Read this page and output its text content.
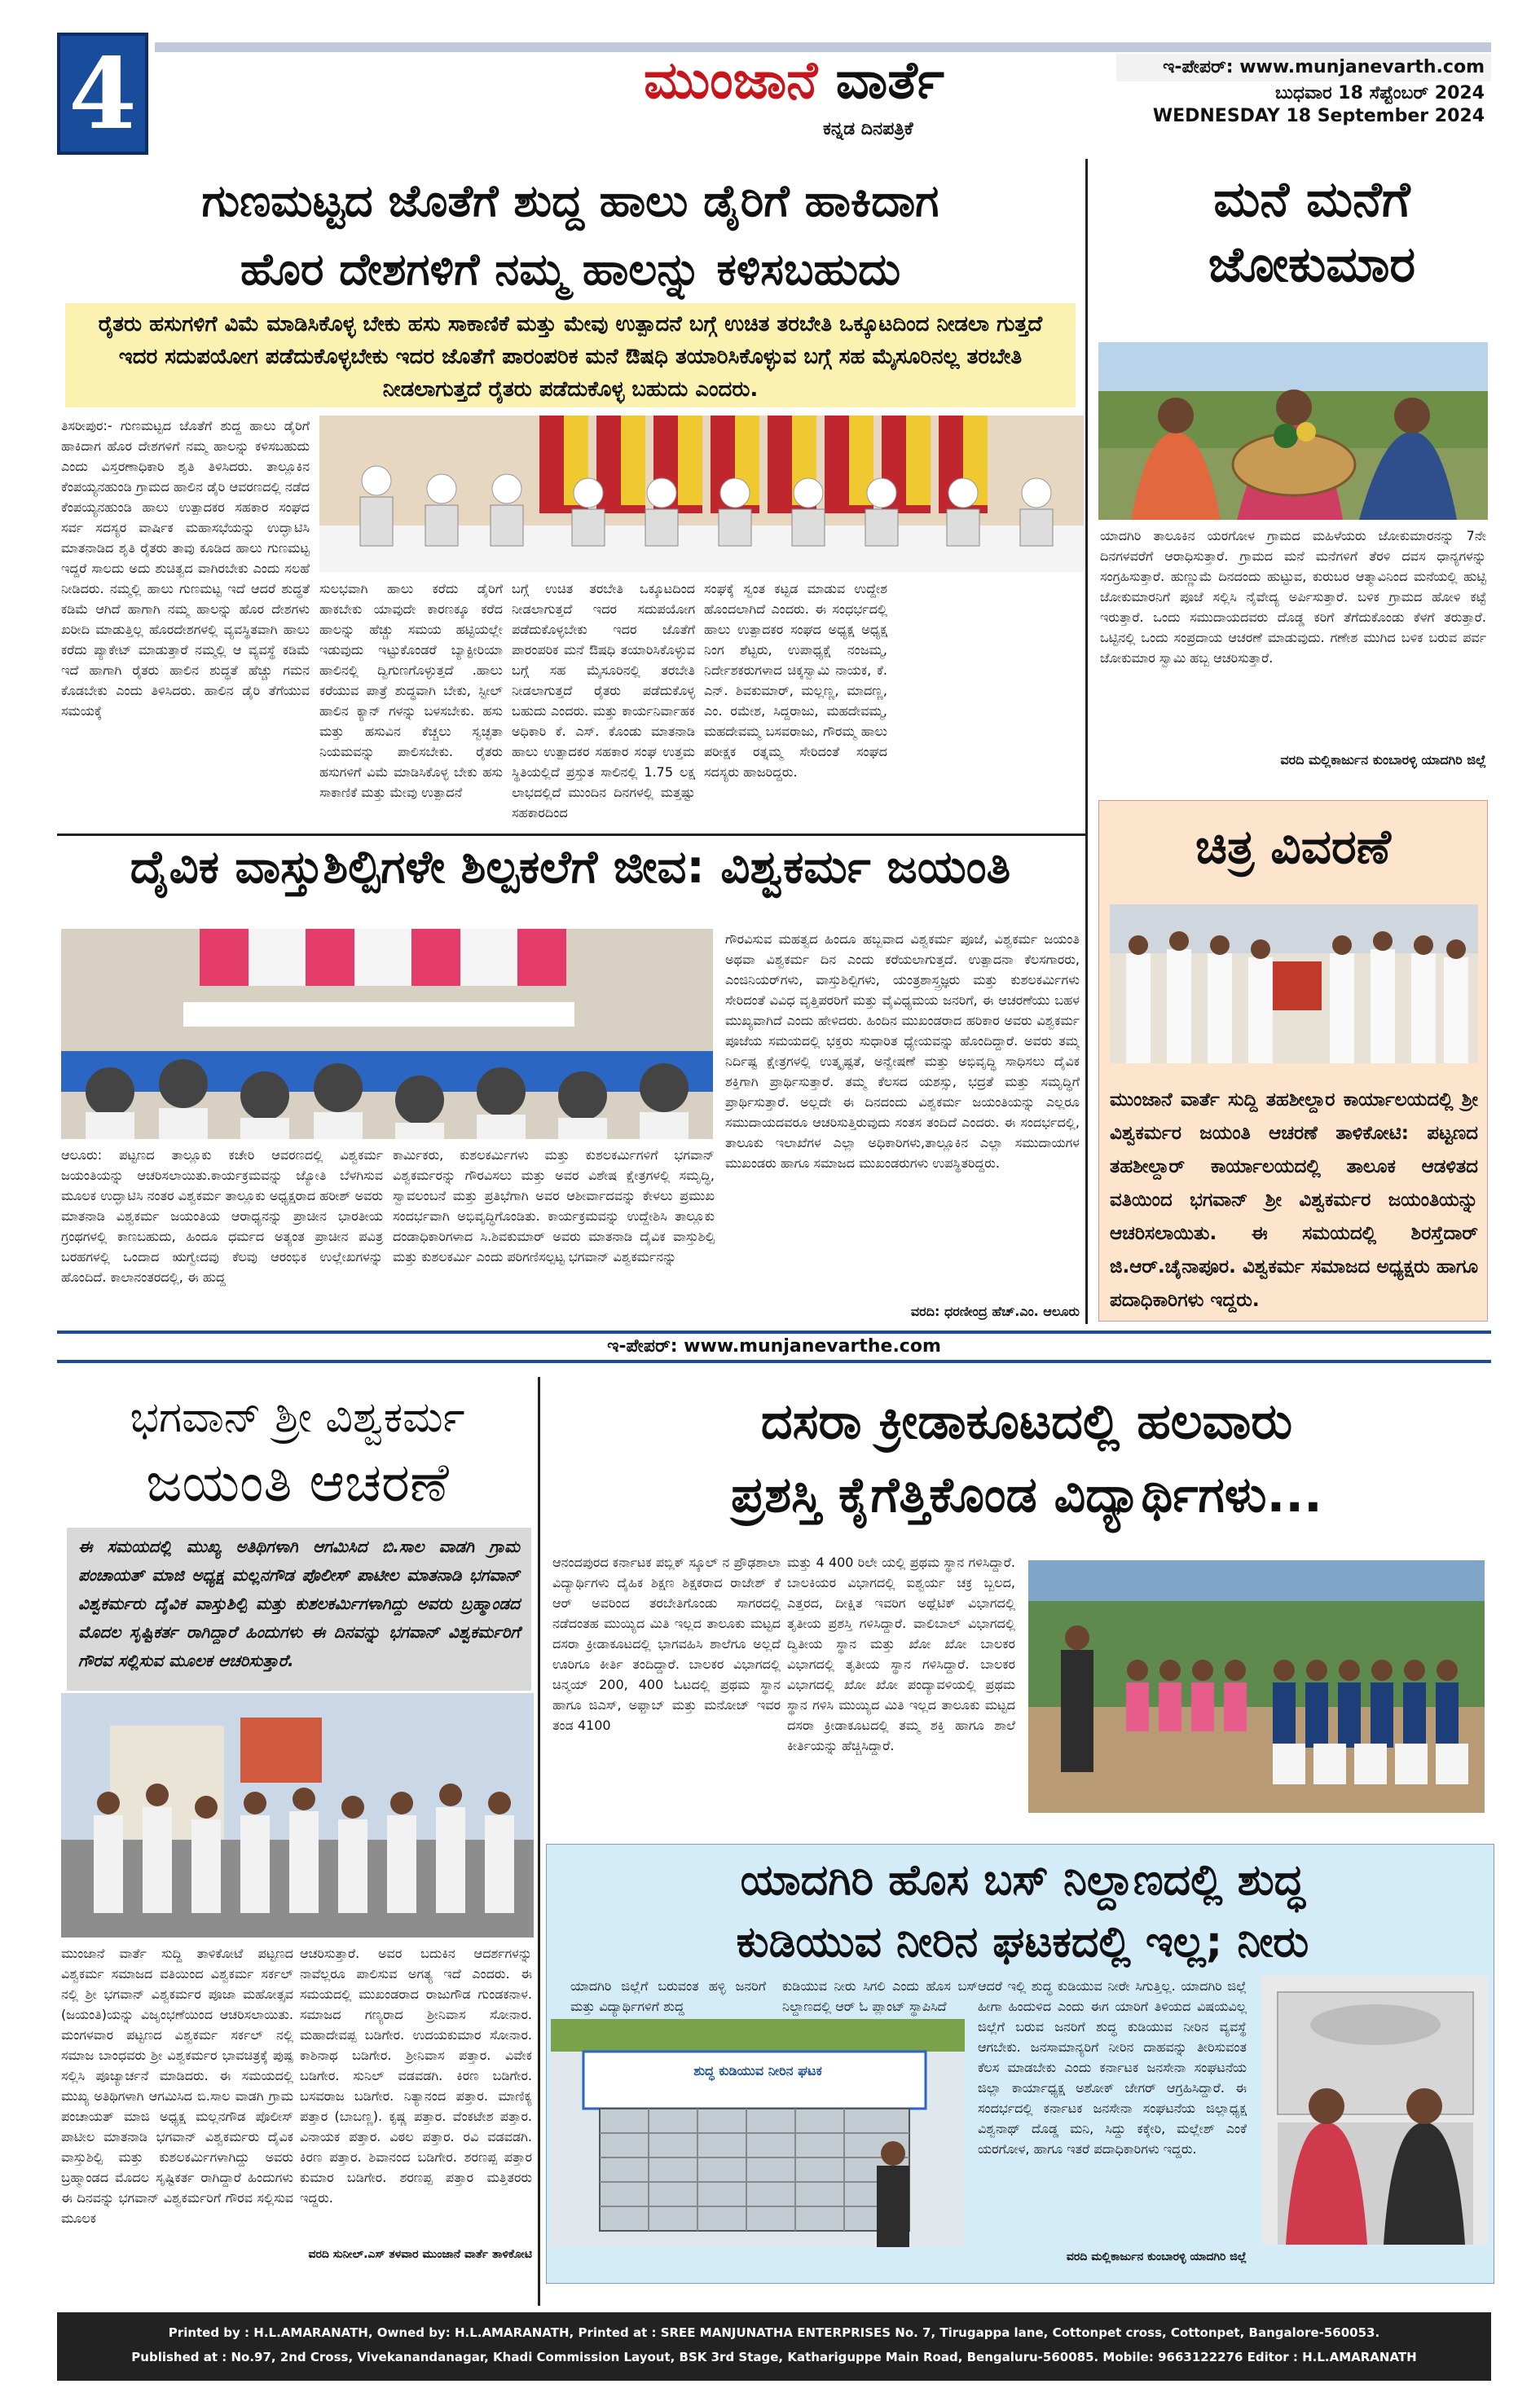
4	ಮುಂಜಾನೆ ವಾರ್ತೆ
ಕನ್ನಡ ದಿನಪತ್ರಿಕೆ
ಇ-ಪೇಪರ್: www.munjanevarth.com
ಬುಧವಾರ 18 ಸೆಪ್ಟೆಂಬರ್ 2024
WEDNESDAY 18 September 2024
ಗುಣಮಟ್ಟದ ಜೊತೆಗೆ ಶುದ್ದ ಹಾಲು ಡೈರಿಗೆ ಹಾಕಿದಾಗ
ಹೊರ ದೇಶಗಳಿಗೆ ನಮ್ಮ ಹಾಲನ್ನು ಕಳಿಸಬಹುದು
ರೈತರು ಹಸುಗಳಿಗೆ ವಿಮೆ ಮಾಡಿಸಿಕೊಳ್ಳ ಬೇಕು ಹಸು ಸಾಕಾಣಿಕೆ ಮತ್ತು ಮೇವು ಉತ್ಪಾದನೆ ಬಗ್ಗೆ ಉಚಿತ ತರಬೇತಿ ಒಕ್ಕೂಟದಿಂದ ನೀಡಲಾ ಗುತ್ತದೆ ಇದರ ಸದುಪಯೋಗ ಪಡೆದುಕೊಳ್ಳಬೇಕು ಇದರ ಜೊತೆಗೆ ಪಾರಂಪರಿಕ ಮನೆ ಔಷಧಿ ತಯಾರಿಸಿಕೊಳ್ಳುವ ಬಗ್ಗೆ ಸಹ ಮೈಸೂರಿನಲ್ಲ ತರಬೇತಿ ನೀಡಲಾಗುತ್ತದೆ ರೈತರು ಪಡೆದುಕೊಳ್ಳ ಬಹುದು ಎಂದರು.
ತಿಸರೀಪುರ:- ಗುಣಮಟ್ಟದ ಜೊತೆಗೆ ಶುದ್ದ ಹಾಲು ಡೈರಿಗೆ ಹಾಕಿದಾಗ ಹೊರ ದೇಶಗಳಿಗೆ ನಮ್ಮ ಹಾಲನ್ನು ಕಳಿಸಬಹುದು ಎಂದು ವಿಸ್ತರಣಾಧಿಕಾರಿ ಶೃತಿ ತಿಳಿಸಿದರು. ತಾಲ್ಲೂಕಿನ ಕೆಂಪಯ್ಯನಹುಂಡಿ ಗ್ರಾಮದ ಹಾಲಿನ ಡೈರಿ ಆವರಣದಲ್ಲಿ ನಡೆದ ಕೆಂಪಯ್ಯನಹುಂಡಿ ಹಾಲು ಉತ್ಪಾದಕರ ಸಹಕಾರ ಸಂಘದ ಸರ್ವ ಸದಸ್ಯರ ವಾರ್ಷಿಕ ಮಹಾಸಭೆಯನ್ನು ಉದ್ಘಾಟಿಸಿ ಮಾತನಾಡಿದ ಶೃತಿ ರೈತರು ತಾವು ಕೂಡಿದ ಹಾಲು ಗುಣಮಟ್ಟ ಇದ್ದರೆ ಸಾಲದು ಅದು ಶುಚಿತ್ವದ ವಾಗಿರಬೇಕು ಎಂದು ಸಲಹೆ ನೀಡಿದರು. ನಮ್ಮಲ್ಲಿ ಹಾಲು ಗುಣಮಟ್ಟ ಇದೆ ಆದರೆ ಶುದ್ಧತೆ ಕಡಿಮೆ ಆಗಿದೆ ಹಾಗಾಗಿ ನಮ್ಮ ಹಾಲನ್ನು ಹೊರ ದೇಶಗಳು ಖರೀದಿ ಮಾಡುತ್ತಿಲ್ಲ ಹೊರದೇಶಗಳಲ್ಲಿ ವ್ಯವಸ್ಥಿತವಾಗಿ ಹಾಲು ಕರೆದು ಪ್ಯಾಕೇಟ್ ಮಾಡುತ್ತಾರೆ ನಮ್ಮಲ್ಲಿ ಆ ವ್ಯವಸ್ಥೆ ಕಡಿಮೆ ಇದೆ ಹಾಗಾಗಿ ರೈತರು ಹಾಲಿನ ಶುದ್ಧತೆ ಹೆಚ್ಚು ಗಮನ ಕೊಡಬೇಕು ಎಂದು ತಿಳಿಸಿದರು. ಹಾಲಿನ ಡೈರಿ ತೆಗೆಯುವ ಸಮಯಕ್ಕೆ
ಸುಲಭವಾಗಿ ಹಾಲು ಕರೆದು ಡೈರಿಗೆ ಹಾಕಬೇಕು ಯಾವುದೇ ಕಾರಣಕ್ಕೂ ಕರೆದ ಹಾಲನ್ನು ಹೆಚ್ಚು ಸಮಯ ಹಟ್ಟಿಯಲ್ಲೇ ಇಡುವುದು ಇಟ್ಟುಕೊಂಡರೆ ಬ್ಯಾಕ್ಟೀರಿಯಾ ಹಾಲಿನಲ್ಲಿ ದ್ವಿಗುಣಗೊಳ್ಳುತ್ತದೆ .ಹಾಲು ಕರೆಯುವ ಪಾತ್ರೆ ಶುದ್ಧವಾಗಿ ಬೇಕು, ಸ್ಟೀಲ್ ಹಾಲಿನ ಕ್ಯಾನ್ ಗಳನ್ನು ಬಳಸಬೇಕು. ಹಸು ಮತ್ತು ಹಸುವಿನ ಕೆಚ್ಚಲು ಸ್ವಚ್ಛತಾ ನಿಯಮವನ್ನು ಪಾಲಿಸಬೇಕು. ರೈತರು ಹಸುಗಳಿಗೆ ವಿಮೆ ಮಾಡಿಸಿಕೊಳ್ಳ ಬೇಕು ಹಸು ಸಾಕಾಣಿಕೆ ಮತ್ತು ಮೇವು ಉತ್ಪಾದನೆ
ಬಗ್ಗೆ ಉಚಿತ ತರಬೇತಿ ಒಕ್ಕೂಟದಿಂದ ನೀಡಲಾಗುತ್ತದೆ ಇದರ ಸದುಪಯೋಗ ಪಡೆದುಕೊಳ್ಳಬೇಕು ಇದರ ಜೊತೆಗೆ ಪಾರಂಪರಿಕ ಮನೆ ಔಷಧಿ ತಯಾರಿಸಿಕೊಳ್ಳುವ ಬಗ್ಗೆ ಸಹ ಮೈಸೂರಿನಲ್ಲಿ ತರಬೇತಿ ನೀಡಲಾಗುತ್ತದೆ ರೈತರು ಪಡೆದುಕೊಳ್ಳ ಬಹುದು ಎಂದರು. ಮತ್ತು ಕಾರ್ಯನಿರ್ವಾಹಕ ಅಧಿಕಾರಿ ಕೆ. ಎಸ್. ಕೊಂಡು ಮಾತನಾಡಿ ಹಾಲು ಉತ್ಪಾದಕರ ಸಹಕಾರ ಸಂಘ ಉತ್ತಮ ಸ್ಥಿತಿಯಲ್ಲಿದೆ ಪ್ರಸ್ತುತ ಸಾಲಿನಲ್ಲಿ 1.75 ಲಕ್ಷ ಲಾಭದಲ್ಲಿದೆ ಮುಂದಿನ ದಿನಗಳಲ್ಲಿ ಮತ್ತಷ್ಟು ಸಹಕಾರದಿಂದ
ಸಂಘಕ್ಕೆ ಸ್ವಂತ ಕಟ್ಟಡ ಮಾಡುವ ಉದ್ದೇಶ ಹೊಂದಲಾಗಿದೆ ಎಂದರು. ಈ ಸಂಧರ್ಭದಲ್ಲಿ ಹಾಲು ಉತ್ಪಾದಕರ ಸಂಘದ ಅಧ್ಯಕ್ಷ ಅಧ್ಯಕ್ಷ ನಿಂಗ ಶೆಟ್ಟರು, ಉಪಾಧ್ಯಕ್ಷೆ ನಂಜಮ್ಮ, ನಿರ್ದೇಶಕರುಗಳಾದ ಚಿಕ್ಕಸ್ವಾಮಿ ನಾಯಕ, ಕೆ. ಎನ್. ಶಿವಕುಮಾರ್, ಮಲ್ಲಣ್ಣ, ಮಾದಣ್ಣ, ಎಂ. ರಮೇಶ, ಸಿದ್ದರಾಜು, ಮಹದೇವಮ್ಮ, ಮಹದೇವಮ್ಮ ಬಸವರಾಜು, ಗೌರಮ್ಮ ಹಾಲು ಪರೀಕ್ಷಕ ರತ್ನಮ್ಮ ಸೇರಿದಂತೆ ಸಂಘದ ಸದಸ್ಯರು ಹಾಜರಿದ್ದರು.
ಮನೆ ಮನೆಗೆ ಜೋಕುಮಾರ
ಯಾದಗಿರಿ ತಾಲೂಕಿನ ಯರಗೋಳ ಗ್ರಾಮದ ಮಹಿಳೆಯರು ಜೋಕುಮಾರನನ್ನು 7ನೇ ದಿನಗಳವರೆಗೆ ಆರಾಧಿಸುತ್ತಾರೆ. ಗ್ರಾಮದ ಮನೆ ಮನೆಗಳಿಗೆ ತೆರಳಿ ದವಸ ಧಾನ್ಯಗಳನ್ನು ಸಂಗ್ರಹಿಸುತ್ತಾರೆ. ಹುಣ್ಣುಮೆ ದಿನದಂದು ಹುಟ್ಟುವ, ಕುರುಬರ ಆತ್ಮಾವಿನಿಂದ ಮನೆಯಲ್ಲಿ ಹುಟ್ಟಿ ಜೋಕುಮಾರನಿಗೆ ಪೂಜೆ ಸಲ್ಲಿಸಿ ನೈವೇದ್ಯ ಅರ್ಪಿಸುತ್ತಾರೆ. ಬಳಿಕ ಗ್ರಾಮದ ಹೋಳಿ ಕಟ್ಟೆ ಇರುತ್ತಾರೆ. ಒಂದು ಸಮುದಾಯದವರು ದೊಡ್ಡ ಕರಿಗೆ ತೆಗೆದುಕೊಂಡು ಕೆಳಗೆ ತರುತ್ತಾರೆ. ಒಟ್ಟಿನಲ್ಲಿ ಒಂದು ಸಂಪ್ರದಾಯ ಆಚರಣೆ ಮಾಡುವುದು. ಗಣೇಶ ಮುಗಿದ ಬಳಿಕ ಬರುವ ಪರ್ವ ಜೋಕುಮಾರ ಸ್ವಾಮಿ ಹಬ್ಬ ಆಚರಿಸುತ್ತಾರೆ.
ವರದಿ ಮಲ್ಲಿಕಾರ್ಜುನ ಕುಂಬಾರಳ್ಳಿ ಯಾದಗಿರಿ ಜಿಲ್ಲೆ
ದೈವಿಕ ವಾಸ್ತುಶಿಲ್ಪಿಗಳೇ ಶಿಲ್ಪಕಲೆಗೆ ಜೀವ: ವಿಶ್ವಕರ್ಮ ಜಯಂತಿ
ಆಲೂರು: ಪಟ್ಟಣದ ತಾಲ್ಲೂಕು ಕಚೇರಿ ಆವರಣದಲ್ಲಿ ವಿಶ್ವಕರ್ಮ ಜಯಂತಿಯನ್ನು ಆಚರಿಸಲಾಯಿತು.ಕಾರ್ಯಕ್ರಮವನ್ನು ಜ್ಯೋತಿ ಬೆಳಗಿಸುವ ಮೂಲಕ ಉದ್ಘಾಟಿಸಿ ನಂತರ ವಿಶ್ವಕರ್ಮ ತಾಲ್ಲೂಕು ಅಧ್ಯಕ್ಷರಾದ ಹರೀಶ್ ಅವರು ಮಾತನಾಡಿ ವಿಶ್ವಕರ್ಮ ಜಯಂತಿಯ ಆರಾಧ್ಯನನ್ನು ಪ್ರಾಚೀನ ಭಾರತೀಯ ಗ್ರಂಥಗಳಲ್ಲಿ ಕಾಣಬಹುದು, ಹಿಂದೂ ಧರ್ಮದ ಅತ್ಯಂತ ಪ್ರಾಚೀನ ಪವಿತ್ರ ಬರಹಗಳಲ್ಲಿ ಒಂದಾದ ಋಗ್ವೇದವು ಕೆಲವು ಆರಂಭಿಕ ಉಲ್ಲೇಖಗಳನ್ನು ಹೊಂದಿದೆ. ಕಾಲಾನಂತರದಲ್ಲಿ, ಈ ಹುದ್ದ
ಕಾರ್ಮಿಕರು, ಕುಶಲಕರ್ಮಿಗಳು ಮತ್ತು ಕುಶಲಕರ್ಮಿಗಳಿಗೆ ಭಗವಾನ್ ವಿಶ್ವಕರ್ಮರನ್ನು ಗೌರವಿಸಲು ಮತ್ತು ಅವರ ವಿಶೇಷ ಕ್ಷೇತ್ರಗಳಲ್ಲಿ ಸಮೃದ್ಧಿ, ಸ್ವಾವಲಂಬನೆ ಮತ್ತು ಪ್ರತಿಭೆಗಾಗಿ ಅವರ ಆಶೀರ್ವಾದವನ್ನು ಕೇಳಲು ಪ್ರಮುಖ ಸಂದರ್ಭವಾಗಿ ಅಭಿವೃದ್ಧಿಗೊಂಡಿತು. ಕಾರ್ಯಕ್ರಮವನ್ನು ಉದ್ದೇಶಿಸಿ ತಾಲ್ಲೂಕು ದಂಡಾಧಿಕಾರಿಗಳಾದ ಸಿ.ಶಿವಕುಮಾರ್ ಅವರು ಮಾತನಾಡಿ ದೈವಿಕ ವಾಸ್ತುಶಿಲ್ಪಿ ಮತ್ತು ಕುಶಲಕರ್ಮಿ ಎಂದು ಪರಿಗಣಿಸಲ್ಪಟ್ಟ ಭಗವಾನ್ ವಿಶ್ವಕರ್ಮನನ್ನು
ಗೌರವಿಸುವ ಮಹತ್ವದ ಹಿಂದೂ ಹಬ್ಬವಾದ ವಿಶ್ವಕರ್ಮ ಪೂಜೆ, ವಿಶ್ವಕರ್ಮ ಜಯಂತಿ ಅಥವಾ ವಿಶ್ವಕರ್ಮ ದಿನ ಎಂದು ಕರೆಯಲಾಗುತ್ತದೆ. ಉತ್ಪಾದನಾ ಕೆಲಸಗಾರರು, ಎಂಜಿನಿಯರ್‌ಗಳು, ವಾಸ್ತುಶಿಲ್ಪಿಗಳು, ಯಂತ್ರಶಾಸ್ತ್ರಜ್ಞರು ಮತ್ತು ಕುಶಲಕರ್ಮಿಗಳು ಸೇರಿದಂತೆ ವಿವಿಧ ವೃತ್ತಿಪರರಿಗೆ ಮತ್ತು ವೈವಿಧ್ಯಮಯ ಜನರಿಗೆ, ಈ ಆಚರಣೆಯು ಬಹಳ ಮುಖ್ಯವಾಗಿದೆ ಎಂದು ಹೇಳಿದರು. ಹಿಂದಿನ ಮುಖಂಡರಾದ ಹರಿಕಾರ ಅವರು ವಿಶ್ವಕರ್ಮ ಪೂಜೆಯ ಸಮಯದಲ್ಲಿ ಭಕ್ತರು ಸುಧಾರಿತ ಧ್ಯೇಯವನ್ನು ಹೊಂದಿದ್ದಾರೆ. ಅವರು ತಮ್ಮ ನಿರ್ದಿಷ್ಟ ಕ್ಷೇತ್ರಗಳಲ್ಲಿ ಉತ್ಕೃಷ್ಟತೆ, ಅನ್ವೇಷಣೆ ಮತ್ತು ಅಭಿವೃದ್ಧಿ ಸಾಧಿಸಲು ದೈವಿಕ ಶಕ್ತಿಗಾಗಿ ಪ್ರಾರ್ಥಿಸುತ್ತಾರೆ. ತಮ್ಮ ಕೆಲಸದ ಯಶಸ್ಸು, ಭದ್ರತೆ ಮತ್ತು ಸಮೃದ್ಧಿಗೆ ಪ್ರಾರ್ಥಿಸುತ್ತಾರೆ. ಅಲ್ಲದೇ ಈ ದಿನದಂದು ವಿಶ್ವಕರ್ಮ ಜಯಂತಿಯನ್ನು ಎಲ್ಲರೂ ಸಮುದಾಯದವರೂ ಆಚರಿಸುತ್ತಿರುವುದು ಸಂತಸ ತಂದಿದೆ ಎಂದರು. ಈ ಸಂದರ್ಭದಲ್ಲಿ, ತಾಲೂಕು ಇಲಾಖೆಗಳ ಎಲ್ಲಾ ಅಧಿಕಾರಿಗಳು,ತಾಲ್ಲೂಕಿನ ಎಲ್ಲಾ ಸಮುದಾಯಗಳ ಮುಖಂಡರು ಹಾಗೂ ಸಮಾಜದ ಮುಖಂಡರುಗಳು ಉಪಸ್ಥಿತರಿದ್ದರು.
ವರದಿ: ಧರಣೀಂದ್ರ ಹೆಚ್.ಎಂ. ಆಲೂರು
ಚಿತ್ರ ವಿವರಣೆ
ಮುಂಜಾನೆ ವಾರ್ತೆ ಸುದ್ದಿ ತಹಶೀಲ್ದಾರ ಕಾರ್ಯಾಲಯದಲ್ಲಿ ಶ್ರೀ ವಿಶ್ವಕರ್ಮರ ಜಯಂತಿ ಆಚರಣೆ ತಾಳಿಕೋಟಿ: ಪಟ್ಟಣದ ತಹಶೀಲ್ದಾರ್ ಕಾರ್ಯಾಲಯದಲ್ಲಿ ತಾಲೂಕ ಆಡಳಿತದ ವತಿಯಿಂದ ಭಗವಾನ್ ಶ್ರೀ ವಿಶ್ವಕರ್ಮರ ಜಯಂತಿಯನ್ನು ಆಚರಿಸಲಾಯಿತು. ಈ ಸಮಯದಲ್ಲಿ ಶಿರಸ್ತೆದಾರ್ ಜಿ.ಆರ್.ಚೈನಾಪೂರ. ವಿಶ್ವಕರ್ಮ ಸಮಾಜದ ಅಧ್ಯಕ್ಷರು ಹಾಗೂ ಪದಾಧಿಕಾರಿಗಳು ಇದ್ದರು.
ಇ-ಪೇಪರ್: www.munjanevarthe.com
ಭಗವಾನ್ ಶ್ರೀ ವಿಶ್ವಕರ್ಮ
ಜಯಂತಿ ಆಚರಣೆ
ಈ ಸಮಯದಲ್ಲಿ ಮುಖ್ಯ ಅತಿಥಿಗಳಾಗಿ ಆಗಮಿಸಿದ ಬಿ.ಸಾಲ ವಾಡಗಿ ಗ್ರಾಮ ಪಂಚಾಯತ್ ಮಾಜಿ ಅಧ್ಯಕ್ಷ ಮಲ್ಲನಗೌಡ ಪೊಲೀಸ್ ಪಾಟೀಲ ಮಾತನಾಡಿ ಭಗವಾನ್ ವಿಶ್ವಕರ್ಮರು ದೈವಿಕ ವಾಸ್ತುಶಿಲ್ಪಿ ಮತ್ತು ಕುಶಲಕರ್ಮಿಗಳಾಗಿದ್ದು ಅವರು ಬ್ರಹ್ಮಾಂಡದ ಮೊದಲ ಸೃಷ್ಟಿಕರ್ತ ರಾಗಿದ್ದಾರೆ ಹಿಂದುಗಳು ಈ ದಿನವನ್ನು ಭಗವಾನ್ ವಿಶ್ವಕರ್ಮರಿಗೆ ಗೌರವ ಸಲ್ಲಿಸುವ ಮೂಲಕ ಆಚರಿಸುತ್ತಾರೆ.
ಮುಂಜಾನೆ ವಾರ್ತೆ ಸುದ್ದಿ ತಾಳಿಕೋಟೆ ಪಟ್ಟಣದ ವಿಶ್ವಕರ್ಮ ಸಮಾಜದ ವತಿಯಿಂದ ವಿಶ್ವಕರ್ಮ ಸರ್ಕಲ್ ನಲ್ಲಿ ಶ್ರೀ ಭಗವಾನ್ ವಿಶ್ವಕರ್ಮರ ಪೂಜಾ ಮಹೋತ್ಸವ (ಜಯಂತಿ)ಯನ್ನು ವಿಜೃಂಭಣೆಯಿಂದ ಆಚರಿಸಲಾಯಿತು. ಮಂಗಳವಾರ ಪಟ್ಟಣದ ವಿಶ್ವಕರ್ಮ ಸರ್ಕಲ್ ನಲ್ಲಿ ಸಮಾಜ ಬಾಂಧವರು ಶ್ರೀ ವಿಶ್ವಕರ್ಮರ ಭಾವಚಿತ್ರಕ್ಕೆ ಪುಷ್ಪ ಸಲ್ಲಿಸಿ ಪೂಜ್ಯಾರ್ಚನೆ ಮಾಡಿದರು. ಈ ಸಮಯದಲ್ಲಿ ಮುಖ್ಯ ಅತಿಥಿಗಳಾಗಿ ಆಗಮಿಸಿದ ಬಿ.ಸಾಲ ವಾಡಗಿ ಗ್ರಾಮ ಪಂಚಾಯತ್ ಮಾಜಿ ಅಧ್ಯಕ್ಷ ಮಲ್ಲನಗೌಡ ಪೊಲೀಸ್ ಪಾಟೀಲ ಮಾತನಾಡಿ ಭಗವಾನ್ ವಿಶ್ವಕರ್ಮರು ದೈವಿಕ ವಾಸ್ತುಶಿಲ್ಪಿ ಮತ್ತು ಕುಶಲಕರ್ಮಿಗಳಾಗಿದ್ದು ಅವರು ಬ್ರಹ್ಮಾಂಡದ ಮೊದಲ ಸೃಷ್ಟಿಕರ್ತ ರಾಗಿದ್ದಾರೆ ಹಿಂದುಗಳು ಈ ದಿನವನ್ನು ಭಗವಾನ್ ವಿಶ್ವಕರ್ಮರಿಗೆ ಗೌರವ ಸಲ್ಲಿಸುವ ಮೂಲಕ
ಆಚರಿಸುತ್ತಾರೆ. ಅವರ ಬದುಕಿನ ಆದರ್ಶಗಳನ್ನು ನಾವೆಲ್ಲರೂ ಪಾಲಿಸುವ ಅಗತ್ಯ ಇದೆ ಎಂದರು. ಈ ಸಮಯದಲ್ಲಿ ಮುಖಂಡರಾದ ರಾಜುಗೌಡ ಗುಂಡಕನಾಳ. ಸಮಾಜದ ಗಣ್ಯರಾದ ಶ್ರೀನಿವಾಸ ಸೋನಾರ. ಮಹಾದೇವಪ್ಪ ಬಡಿಗೇರ. ಉದಯಕುಮಾರ ಸೋನಾರ. ಕಾಶಿನಾಥ ಬಡಿಗೇರ. ಶ್ರೀನಿವಾಸ ಪತ್ತಾರ. ವಿವೇಕ ಬಡಿಗೇರ. ಸುನಿಲ್ ವಡವಡಗಿ. ಕಿರಣ ಬಡಿಗೇರ. ಬಸವರಾಜ ಬಡಿಗೇರ. ನಿತ್ಯಾನಂದ ಪತ್ತಾರ. ಮಾಣಿಕ್ಯ ಪತ್ತಾರ (ಬಾಬಣ್ಣ). ಕೃಷ್ಣ ಪತ್ತಾರ. ವೆಂಕಟೇಶ ಪತ್ತಾರ. ವಿನಾಯಕ ಪತ್ತಾರ. ವಿಠಲ ಪತ್ತಾರ. ರವಿ ವಡವಡಗಿ. ಕಿರಣ ಪತ್ತಾರ. ಶಿವಾನಂದ ಬಡಿಗೇರ. ಶರಣಪ್ಪ ಪತ್ತಾರ ಕುಮಾರ ಬಡಿಗೇರ. ಶರಣಪ್ಪ ಪತ್ತಾರ ಮತ್ತಿತರರು ಇದ್ದರು.
ವರದಿ ಸುನೀಲ್.ಎಸ್ ತಳವಾರ ಮುಂಜಾನೆ ವಾರ್ತೆ ತಾಳಿಕೋಟಿ
ದಸರಾ ಕ್ರೀಡಾಕೂಟದಲ್ಲಿ ಹಲವಾರು
ಪ್ರಶಸ್ತಿ ಕೈಗೆತ್ತಿಕೊಂಡ ವಿದ್ಯಾರ್ಥಿಗಳು...
ಆನಂದಪುರದ ಕರ್ನಾಟಕ ಪಬ್ಲಿಕ್ ಸ್ಕೂಲ್ ನ ಪ್ರೌಢಶಾಲಾ ವಿದ್ಯಾರ್ಥಿಗಳು ದೈಹಿಕ ಶಿಕ್ಷಣ ಶಿಕ್ಷಕರಾದ ರಾಜೇಶ್ ಕೆ ಆರ್ ಅವರಿಂದ ತರಬೇತಿಗೊಂಡು ಸಾಗರದಲ್ಲಿ ನಡೆದಂತಹ ಮುಯ್ಯಿದ ಮಿತಿ ಇಲ್ಲದ ತಾಲೂಕು ಮಟ್ಟದ ದಸರಾ ಕ್ರೀಡಾಕೂಟದಲ್ಲಿ ಭಾಗವಹಿಸಿ ಶಾಲೆಗೂ ಅಲ್ಲದೆ ಊರಿಗೂ ಕೀರ್ತಿ ತಂದಿದ್ದಾರೆ. ಬಾಲಕರ ವಿಭಾಗದಲ್ಲಿ ಚಿನ್ಮಯ್ 200, 400 ಓಟದಲ್ಲಿ ಪ್ರಥಮ ಸ್ಥಾನ ಹಾಗೂ ಜಿಎಸ್, ಅಫ್ತಾಬ್ ಮತ್ತು ಮನೋಜ್ ಇವರ ತಂಡ 4100
ಮತ್ತು 4 400 ರಿಲೇ ಯಲ್ಲಿ ಪ್ರಥಮ ಸ್ಥಾನ ಗಳಿಸಿದ್ದಾರೆ. ಬಾಲಕಿಯರ ವಿಭಾಗದಲ್ಲಿ ಐಶ್ವರ್ಯ ಚಕ್ರ ಬ್ಬಲದ, ಎತ್ತರದ, ದೀಕ್ಷಿತ ಇವರಿಗ ಅಥ್ಲೆಟಿಕ್ ವಿಭಾಗದಲ್ಲಿ ತೃತೀಯ ಪ್ರಶಸ್ತಿ ಗಳಿಸಿದ್ದಾರೆ. ವಾಲಿಬಾಲ್ ವಿಭಾಗದಲ್ಲಿ ದ್ವಿತೀಯ ಸ್ಥಾನ ಮತ್ತು ಖೋ ಖೋ ಬಾಲಕರ ವಿಭಾಗದಲ್ಲಿ ತೃತೀಯ ಸ್ಥಾನ ಗಳಿಸಿದ್ದಾರೆ. ಬಾಲಕರ ವಿಭಾಗದಲ್ಲಿ ಖೋ ಖೋ ಪಂದ್ಯಾವಳಿಯಲ್ಲಿ ಪ್ರಥಮ ಸ್ಥಾನ ಗಳಿಸಿ ಮುಯ್ಯಿದ ಮಿತಿ ಇಲ್ಲದ ತಾಲೂಕು ಮಟ್ಟದ ದಸರಾ ಕ್ರೀಡಾಕೂಟದಲ್ಲಿ ತಮ್ಮ ಶಕ್ತಿ ಹಾಗೂ ಶಾಲೆ ಕೀರ್ತಿಯನ್ನು ಹೆಚ್ಚಿಸಿದ್ದಾರೆ.
ಯಾದಗಿರಿ ಹೊಸ ಬಸ್ ನಿಲ್ದಾಣದಲ್ಲಿ ಶುದ್ಧ
ಕುಡಿಯುವ ನೀರಿನ ಘಟಕದಲ್ಲಿ ಇಲ್ಲ; ನೀರು
ಯಾದಗಿರಿ ಜಿಲ್ಲೆಗೆ ಬರುವಂತ ಹಳ್ಳಿ ಜನರಿಗೆ ಮತ್ತು ವಿದ್ಯಾರ್ಥಿಗಳಿಗೆ ಶುದ್ದ
ಕುಡಿಯುವ ನೀರು ಸಿಗಲಿ ಎಂದು ಹೊಸ ಬಸ್ ನಿಲ್ದಾಣದಲ್ಲಿ ಆರ್ ಓ ಪ್ಲಾಂಟ್ ಸ್ಥಾಪಿಸಿದೆ
ಶುದ್ಧ ಕುಡಿಯುವ ನೀರಿನ ಘಟಕ
ಆದರೆ ಇಲ್ಲಿ ಶುದ್ಧ ಕುಡಿಯುವ ನೀರೇ ಸಿಗುತ್ತಿಲ್ಲ. ಯಾದಗಿರಿ ಜಿಲ್ಲೆ ಹೀಗಾ ಹಿಂದುಳಿದ ಎಂದು ಈಗ ಯಾರಿಗೆ ತಿಳಿಯದ ವಿಷಯವಿಲ್ಲ ಜಿಲ್ಲೆಗೆ ಬರುವ ಜನರಿಗೆ ಶುದ್ಧ ಕುಡಿಯುವ ನೀರಿನ ವ್ಯವಸ್ಥೆ ಆಗಬೇಕು. ಜನಸಾಮಾನ್ಯರಿಗೆ ನೀರಿನ ದಾಹವನ್ನು ತೀರಿಸುವಂತ ಕೆಲಸ ಮಾಡಬೇಕು ಎಂದು ಕರ್ನಾಟಕ ಜನಸೇನಾ ಸಂಘಟನೆಯ ಜಿಲ್ಲಾ ಕಾರ್ಯಾಧ್ಯಕ್ಷ ಅಶೋಕ್ ಜೇಗರ್ ಆಗ್ರಹಿಸಿದ್ದಾರೆ. ಈ ಸಂದರ್ಭದಲ್ಲಿ ಕರ್ನಾಟಕ ಜನಸೇನಾ ಸಂಘಟನೆಯ ಜಿಲ್ಲಾಧ್ಯಕ್ಷ ವಿಶ್ವನಾಥ್ ದೊಡ್ಡ ಮನಿ, ಸಿದ್ದು ಕಕ್ಕೇರಿ, ಮಲ್ಲೇಶ್ ಎಂಕೆ ಯರಗೋಳ, ಹಾಗೂ ಇತರೆ ಪದಾಧಿಕಾರಿಗಳು ಇದ್ದರು.
ವರದಿ ಮಲ್ಲಿಕಾರ್ಜುನ ಕುಂಬಾರಳ್ಳಿ ಯಾದಗಿರಿ ಜಿಲ್ಲೆ
Printed by : H.L.AMARANATH, Owned by: H.L.AMARANATH, Printed at : SREE MANJUNATHA ENTERPRISES No. 7, Tirugappa lane, Cottonpet cross, Cottonpet, Bangalore-560053.
Published at : No.97, 2nd Cross, Vivekanandanagar, Khadi Commission Layout, BSK 3rd Stage, Kathariguppe Main Road, Bengaluru-560085. Mobile: 9663122276 Editor : H.L.AMARANATH
